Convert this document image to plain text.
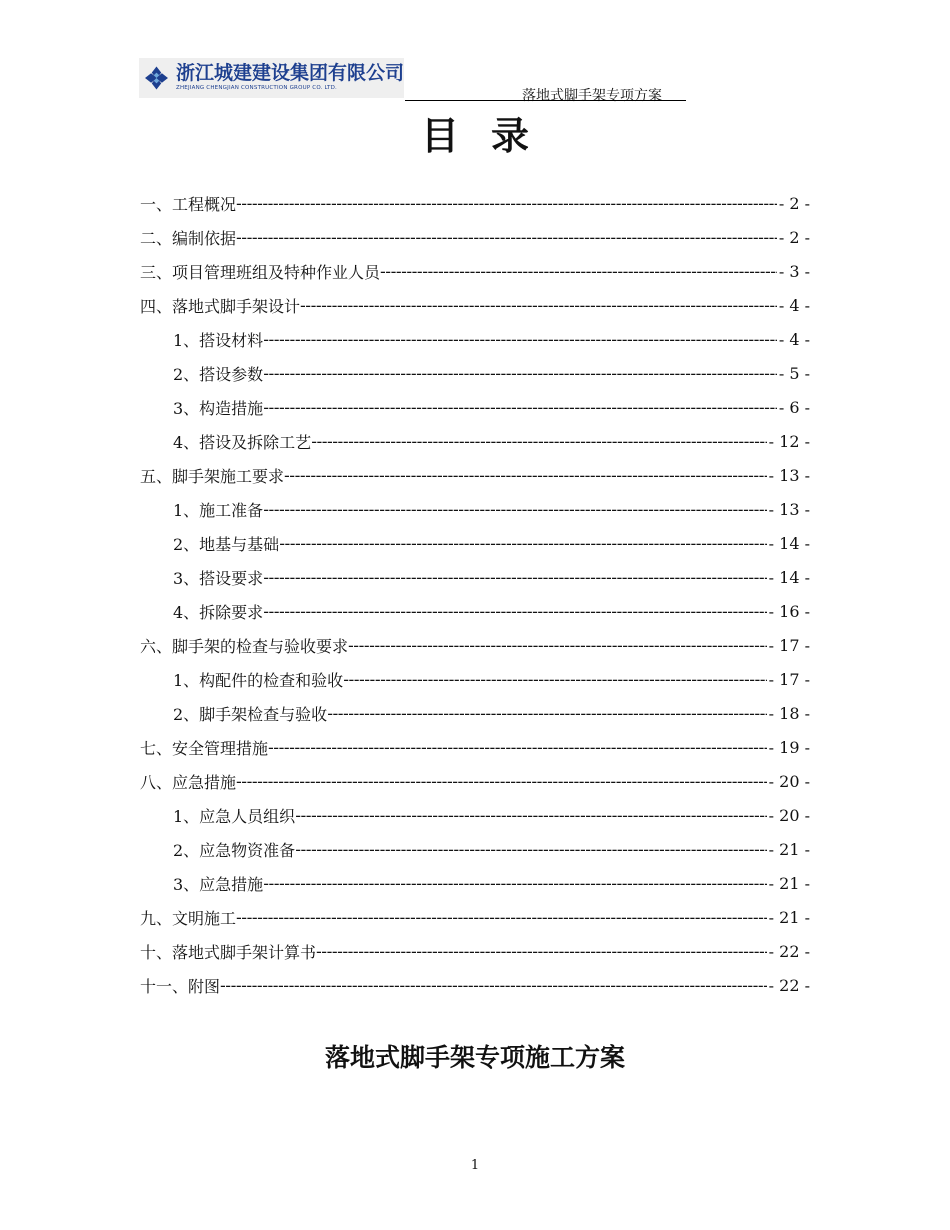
浙江城建建设集团有限公司
ZHEJIANG CHENGJIAN CONSTRUCTION GROUP CO. LTD.	落地式脚手架专项方案
目录
一、工程概况 -----	- 2 -
二、编制依据 -----	- 2 -
三、项目管理班组及特种作业人员 -----	- 3 -
四、落地式脚手架设计 -----	- 4 -
1、搭设材料 -----	- 4 -
2、搭设参数 -----	- 5 -
3、构造措施 -----	- 6 -
4、搭设及拆除工艺 -----	- 12 -
五、脚手架施工要求 -----	- 13 -
1、施工准备 -----	- 13 -
2、地基与基础 -----	- 14 -
3、搭设要求 -----	- 14 -
4、拆除要求 -----	- 16 -
六、脚手架的检查与验收要求 -----	- 17 -
1、构配件的检查和验收 -----	- 17 -
2、脚手架检查与验收 -----	- 18 -
七、安全管理措施 -----	- 19 -
八、应急措施 -----	- 20 -
1、应急人员组织 -----	- 20 -
2、应急物资准备 -----	- 21 -
3、应急措施 -----	- 21 -
九、文明施工 -----	- 21 -
十、落地式脚手架计算书 -----	- 22 -
十一、附图 -----	- 22 -
落地式脚手架专项施工方案
1
